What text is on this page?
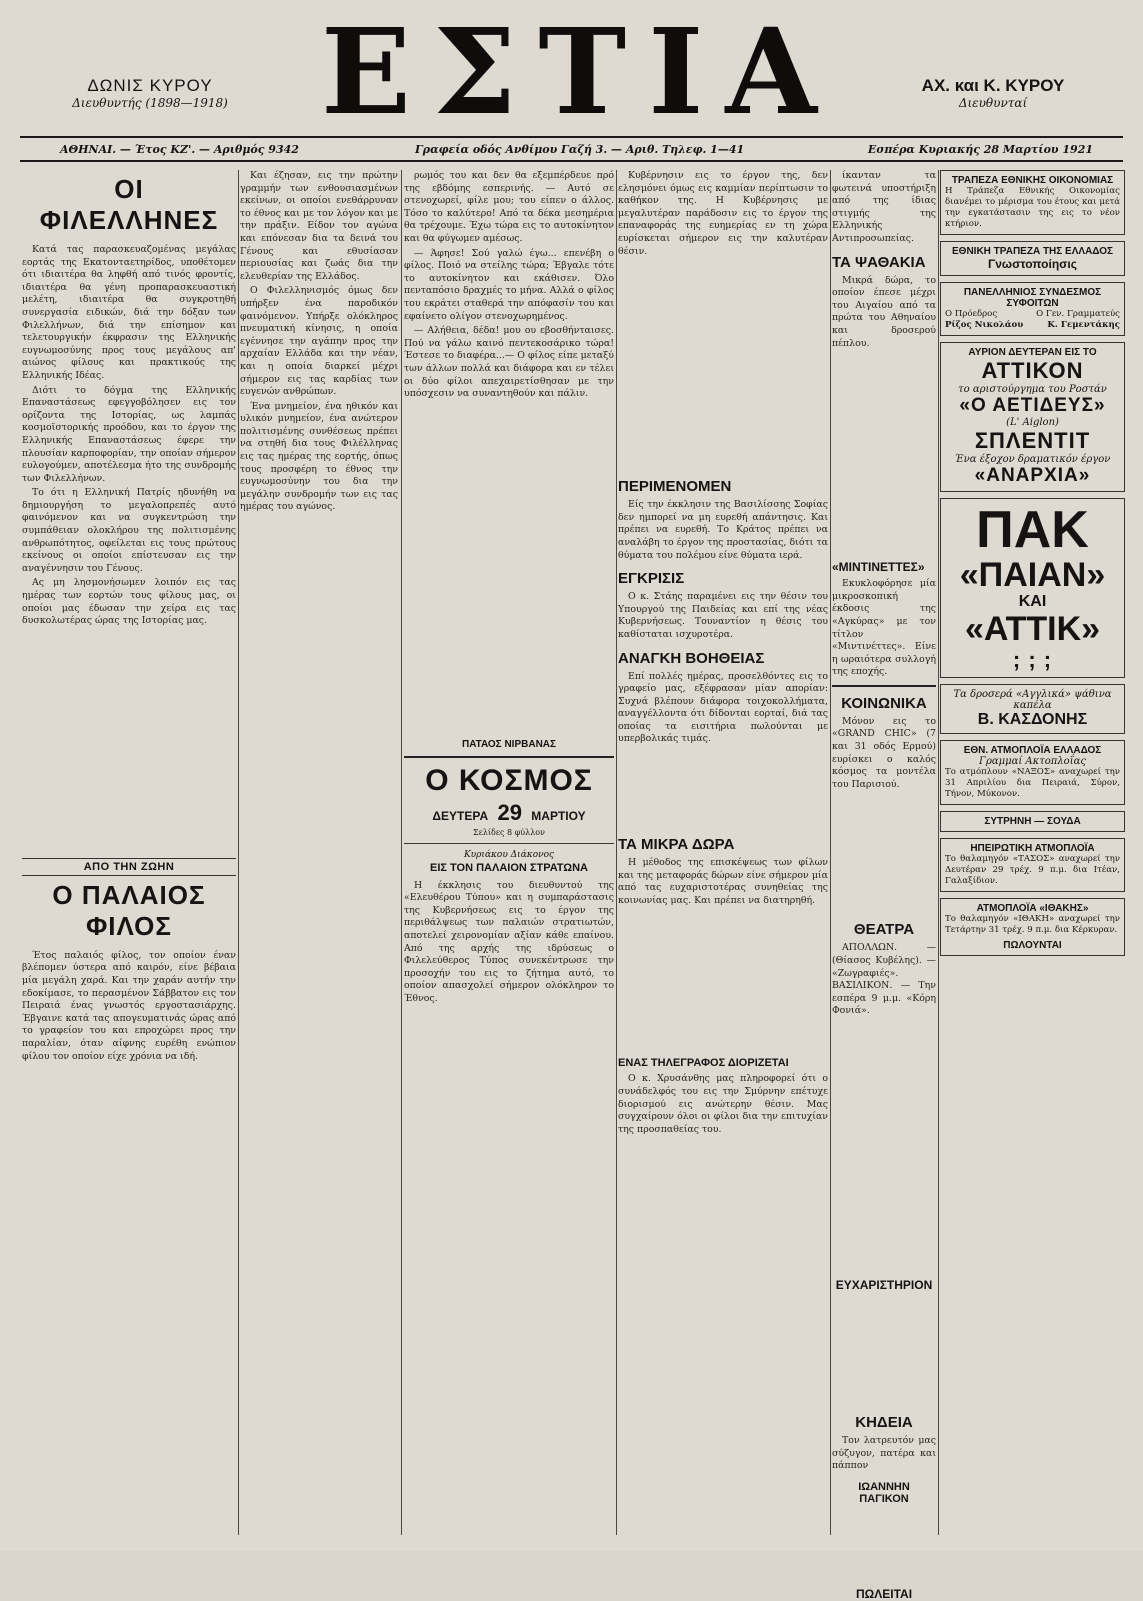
ΔΩΝΙΣ ΚΥΡΟΥ
Διευθυντής (1898—1918) ΕΣΤΙΑ	ΑΧ. και Κ. ΚΥΡΟΥ
Διευθυνταί
ΑΘΗΝΑΙ. — Έτος ΚΖ'. — Αριθμός 9342	Γραφεία οδός Ανθίμου Γαζή 3. — Αριθ. Τηλεφ. 1—41	Εσπέρα Κυριακής 28 Μαρτίου 1921
ΟΙ ΦΙΛΕΛΛΗΝΕΣ

Κατά τας παρασκευαζομένας μεγάλας εορτάς της Εκατονταετηρίδος, υποθέτομεν ότι ιδιαιτέρα θα ληφθή από τινός φροντίς, ιδιαιτέρα θα γένη προπαρασκευαστική μελέτη, ιδιαιτέρα θα συγκροτηθή συνεργασία ειδικών, διά την δόξαν των Φιλελλήνων, διά την επίσημον και τελετουργικήν έκφρασιν της Ελληνικής ευγνωμοσύνης προς τους μεγάλους απ' αιώνος φίλους και πρακτικούς της Ελληνικής Ιδέας.

Διότι το δόγμα της Ελληνικής Επαναστάσεως εφεγγοβόλησεν εις τον ορίζοντα της Ιστορίας, ως λαμπάς κοσμοϊστορικής προόδου, και το έργον της Ελληνικής Επαναστάσεως έφερε την πλουσίαν καρποφορίαν, την οποίαν σήμερον ευλογούμεν, αποτέλεσμα ήτο της συνδρομής των Φιλελλήνων.

Το ότι η Ελληνική Πατρίς ηδυνήθη να δημιουργήση το μεγαλοπρεπές αυτό φαινόμενον και να συγκεντρώση την συμπάθειαν ολοκλήρου της πολιτισμένης ανθρωπότητος, οφείλεται εις τους πρώτους εκείνους οι οποίοι επίστευσαν εις την αναγέννησιν του Γένους.

Ας μη λησμονήσωμεν λοιπόν εις τας ημέρας των εορτών τους φίλους μας, οι οποίοι μας έδωσαν την χείρα εις τας δυσκολωτέρας ώρας της Ιστορίας μας.

ΑΠΟ ΤΗΝ ΖΩΗΝ
Ο ΠΑΛΑΙΟΣ ΦΙΛΟΣ

Έτος παλαιός φίλος, τον οποίον έναν βλέπομεν ύστερα από καιρόν, είνε βέβαια μία μεγάλη χαρά. Και την χαράν αυτήν την εδοκίμασε, το περασμένον Σάββατον εις τον Πειραιά ένας γνωστός εργοστασιάρχης. Έβγαινε κατά τας απογευματινάς ώρας από το γραφείον του και επροχώρει προς την παραλίαν, όταν αίφνης ευρέθη ενώπιον φίλου τον οποίον είχε χρόνια να ιδή.

Και έζησαν, εις την πρώτην γραμμήν των ενθουσιασμένων εκείνων, οι οποίοι ενεθάρρυναν το έθνος και με τον λόγον και με την πράξιν. Είδον τον αγώνα και επόνεσαν δια τα δεινά του Γένους και εθυσίασαν περιουσίας και ζωάς δια την ελευθερίαν της Ελλάδος.

Ο Φιλελληνισμός όμως δεν υπήρξεν ένα παροδικόν φαινόμενον. Υπήρξε ολόκληρος πνευματική κίνησις, η οποία εγέννησε την αγάπην προς την αρχαίαν Ελλάδα και την νέαν, και η οποία διαρκεί μέχρι σήμερον εις τας καρδίας των ευγενών ανθρώπων.

Ένα μνημείον, ένα ηθικόν και υλικόν μνημείον, ένα ανώτερον πολιτισμένης συνθέσεως πρέπει να στηθή δια τους Φιλέλληνας εις τας ημέρας της εορτής, όπως τους προσφέρη το έθνος την ευγνωμοσύνην του δια την μεγάλην συνδρομήν των εις τας ημέρας του αγώνος.

ρωμός του και δεν θα εξεμπέρδευε πρό της εβδόμης εσπερινής. — Αυτό σε στενοχωρεί, φίλε μου; του είπεν ο άλλος. Τόσο το καλύτερο! Από τα δέκα μεσημέρια θα τρέχουμε. Έχω τώρα εις το αυτοκίνητον και θα φύγωμεν αμέσως.

— Άφησε! Σού γαλώ έγω... επενέβη ο φίλος. Ποιό να στείλης τώρα; Έβγαλε τότε το αυτοκίνητον και εκάθισεν. Όλο πενταπόσιο δραχμές το μήνα. Αλλά ο φίλος του εκράτει σταθερά την απόφασίν του και εφαίνετο ολίγον στενοχωρημένος.

— Αλήθεια, δέδα! μου ου εβοσθήνταισες. Πού να γάλω καινό πεντεκοσάρικο τώρα! Έστεσε το διαφέρα...— Ο φίλος είπε μεταξύ των άλλων πολλά και διάφορα και εν τέλει οι δύο φίλοι απεχαιρετίσθησαν με την υπόσχεσιν να συναντηθούν και πάλιν.

ΠΑΤΑΟΣ ΝΙΡΒΑΝΑΣ
Ο ΚΟΣΜΟΣ
ΔΕΥΤΕΡΑ 29 ΜΑΡΤΙΟΥ
Σελίδες 8 φύλλον
Κυριάκου Διάκονος
ΕΙΣ ΤΟΝ ΠΑΛΑΙΟΝ ΣΤΡΑΤΩΝΑ

Η έκκλησις του διευθυντού της «Ελευθέρου Τύπου» και η συμπαράστασις της Κυβερνήσεως εις το έργον της περιθάλψεως των παλαιών στρατιωτών, αποτελεί χειρονομίαν αξίαν κάθε επαίνου. Από της αρχής της ιδρύσεως ο Φιλελεύθερος Τύπος συνεκέντρωσε την προσοχήν του εις το ζήτημα αυτό, το οποίον απασχολεί σήμερον ολόκληρον το Έθνος.

Κυβέρνησιν εις το έργον της, δεν ελησμόνει όμως εις καμμίαν περίπτωσιν το καθήκον της. Η Κυβέρνησις με μεγαλυτέραν παράδοσιν εις το έργον της επαναφοράς της ευημερίας εν τη χώρα ευρίσκεται σήμερον εις την καλυτέραν θέσιν.

ΠΕΡΙΜΕΝΟΜΕΝ

Είς την έκκλησιν της Βασιλίσσης Σοφίας δεν ημπορεί να μη ευρεθή απάντησις. Και πρέπει να ευρεθή. Το Κράτος πρέπει να αναλάβη το έργον της προστασίας, διότι τα θύματα του πολέμου είνε θύματα ιερά.

ΕΓΚΡΙΣΙΣ

Ο κ. Στάης παραμένει εις την θέσιν του Υπουργού της Παιδείας και επί της νέας Κυβερνήσεως. Τουναντίον η θέσις του καθίσταται ισχυροτέρα.

ΑΝΑΓΚΗ ΒΟΗΘΕΙΑΣ

Επί πολλές ημέρας, προσελθόντες εις το γραφείο μας, εξέφρασαν μίαν απορίαν: Συχνά βλέπουν διάφορα τοιχοκολλήματα, αναγγέλλοντα ότι δίδονται εορταί, διά τας οποίας τα εισιτήρια πωλούνται με υπερβολικάς τιμάς.

ΤΑ ΜΙΚΡΑ ΔΩΡΑ

Η μέθοδος της επισκέψεως των φίλων και της μεταφοράς δώρων είνε σήμερον μία από τας ευχαριστοτέρας συνηθείας της κοινωνίας μας. Και πρέπει να διατηρηθή.

ΕΝΑΣ ΤΗΛΕΓΡΑΦΟΣ ΔΙΟΡΙΖΕΤΑΙ

Ο κ. Χρυσάνθης μας πληροφορεί ότι ο συνάδελφός του εις την Σμύρνην επέτυχε διορισμού εις ανώτερην θέσιν. Μας συγχαίρουν όλοι οι φίλοι δια την επιτυχίαν της προσπαθείας του.

ίκανταν τα φωτεινά υποστήριξη από της ίδιας στιγμής της Ελληνικής Αντιπροσωπείας.

ΤΑ ΨΑΘΑΚΙΑ

Μικρά δώρα, το οποίον έπεσε μέχρι του Αιγαίου από τα πρώτα του Αθηναίου και δροσερού πέπλου.

«ΜΙΝΤΙΝΕΤΤΕΣ»

Εκυκλοφόρησε μία μικροσκοπική έκδοσις της «Αγκύρας» με τον τίτλον «Μιντινέττες». Είνε η ωραιότερα συλλογή της εποχής.

ΚΟΙΝΩΝΙΚΑ

Μόνον εις το «GRAND CHIC» (7 και 31 οδός Ερμού) ευρίσκει ο καλός κόσμος τα μοντέλα του Παρισιού.

ΘΕΑΤΡΑ

ΑΠΟΛΛΩΝ. — (Θίασος Κυβέλης). — «Ζωγραφιές». ΒΑΣΙΛΙΚΟΝ. — Την εσπέρα 9 μ.μ. «Κόρη Φονιά».

ΕΥΧΑΡΙΣΤΗΡΙΟΝ
ΚΗΔΕΙΑ

Τον λατρευτόν μας σύζυγον, πατέρα και πάππον

ΙΩΑΝΝΗΝ ΠΑΓΙΚΟΝ
ΠΩΛΕΙΤΑΙ
ΤΡΑΠΕΖΑ ΕΘΝΙΚΗΣ ΟΙΚΟΝΟΜΙΑΣ
Η Τράπεζα Εθνικής Οικονομίας διανέμει το μέρισμα του έτους και μετά την εγκατάστασιν της εις το νέον κτήριον.
ΕΘΝΙΚΗ ΤΡΑΠΕΖΑ ΤΗΣ ΕΛΛΑΔΟΣ
Γνωστοποίησις
ΠΑΝΕΛΛΗΝΙΟΣ ΣΥΝΔΕΣΜΟΣ ΣΥΦΟΙΤΩΝ
Ο Πρόεδρος	Ο Γεν. Γραμματεύς
Ρίζος Νικολάου	Κ. Γεμεντάκης
ΑΥΡΙΟΝ ΔΕΥΤΕΡΑΝ ΕΙΣ ΤΟ
ΑΤΤΙΚΟΝ
το αριστούργημα του Ροστάν
«Ο ΑΕΤΙΔΕΥΣ»
(L' Aiglon)
ΣΠΛΕΝΤΙΤ
Ένα έξοχον δραματικόν έργον
«ΑΝΑΡΧΙΑ»
ΠΑΚ
«ΠΑΙΑΝ»
ΚΑΙ
«ΑΤΤΙΚ»
; ; ;
Τα δροσερά «Αγγλικά» ψάθινα καπέλα
Β. ΚΑΣΔΟΝΗΣ
ΕΘΝ. ΑΤΜΟΠΛΟΪΑ ΕΛΛΑΔΟΣ
Γραμμαί Ακτοπλοΐας
Το ατμόπλουν «ΝΑΞΟΣ» αναχωρεί την 31 Απριλίου δια Πειραιά, Σύρον, Τήνον, Μύκονον.
ΣΥΤΡΗΝΗ — ΣΟΥΔΑ
ΗΠΕΙΡΩΤΙΚΗ ΑΤΜΟΠΛΟΪΑ
Το θαλαμηγόν «ΤΑΣΟΣ» αναχωρεί την Δευτέραν 29 τρέχ. 9 π.μ. δια Ιτέαν, Γαλαξίδιον.
ΑΤΜΟΠΛΟΪΑ «ΙΘΑΚΗΣ»
Το θαλαμηγόν «ΙΘΑΚΗ» αναχωρεί την Τετάρτην 31 τρέχ. 9 π.μ. δια Κέρκυραν.
ΠΩΛΟΥΝΤΑΙ
